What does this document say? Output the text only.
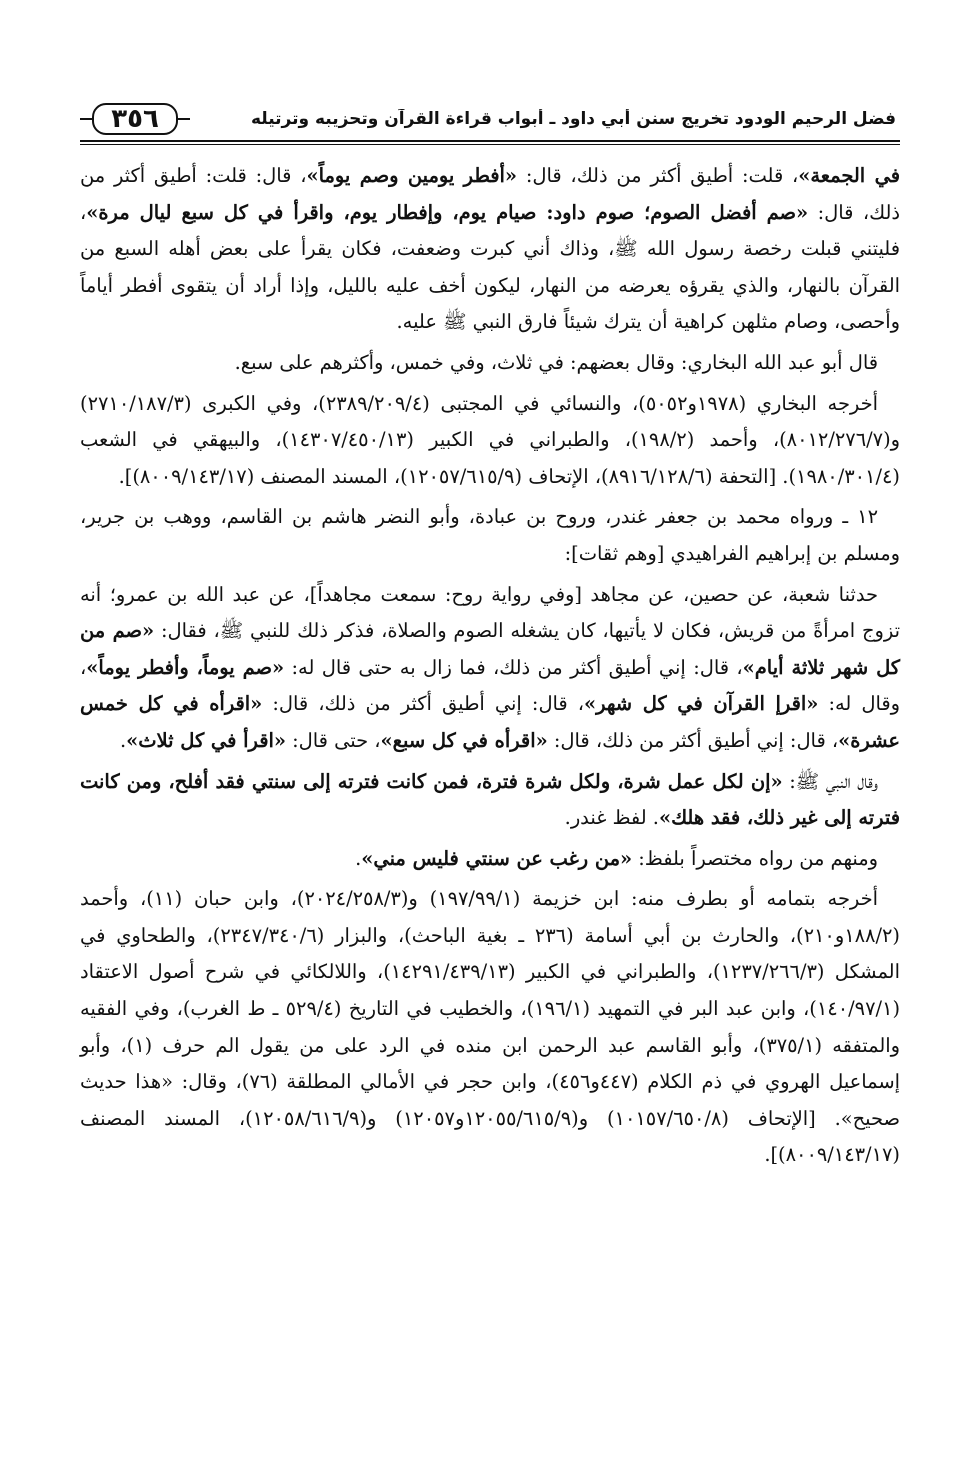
فضل الرحيم الودود تخريج سنن أبي داود ـ أبواب قراءة القرآن وتحزيبه وترتيله
٣٥٦

في الجمعة»، قلت: أطيق أكثر من ذلك، قال: «أفطر يومين وصم يوماً»، قال: قلت: أطيق أكثر من ذلك، قال: «صم أفضل الصوم؛ صوم داود: صيام يوم، وإفطار يوم، واقرأ في كل سبع ليال مرة»، فليتني قبلت رخصة رسول الله ﷺ، وذاك أني كبرت وضعفت، فكان يقرأ على بعض أهله السبع من القرآن بالنهار، والذي يقرؤه يعرضه من النهار، ليكون أخف عليه بالليل، وإذا أراد أن يتقوى أفطر أياماً وأحصى، وصام مثلهن كراهية أن يترك شيئاً فارق النبي ﷺ عليه.

قال أبو عبد الله البخاري: وقال بعضهم: في ثلاث، وفي خمس، وأكثرهم على سبع.

أخرجه البخاري (١٩٧٨و٥٠٥٢)، والنسائي في المجتبى (٢٣٨٩/٢٠٩/٤)، وفي الكبرى (٢٧١٠/١٨٧/٣) و(٨٠١٢/٢٧٦/٧)، وأحمد (١٩٨/٢)، والطبراني في الكبير (١٤٣٠٧/٤٥٠/١٣)، والبيهقي في الشعب (١٩٨٠/٣٠١/٤). [التحفة (٨٩١٦/١٢٨/٦)، الإتحاف (١٢٠٥٧/٦١٥/٩)، المسند المصنف (٨٠٠٩/١٤٣/١٧)].

١٢ ـ ورواه محمد بن جعفر غندر، وروح بن عبادة، وأبو النضر هاشم بن القاسم، ووهب بن جرير، ومسلم بن إبراهيم الفراهيدي [وهم ثقات]:

حدثنا شعبة، عن حصين، عن مجاهد [وفي رواية روح: سمعت مجاهداً]، عن عبد الله بن عمرو؛ أنه تزوج امرأةً من قريش، فكان لا يأتيها، كان يشغله الصوم والصلاة، فذكر ذلك للنبي ﷺ، فقال: «صم من كل شهر ثلاثة أيام»، قال: إني أطيق أكثر من ذلك، فما زال به حتى قال له: «صم يوماً، وأفطر يوماً»، وقال له: «اقرإ القرآن في كل شهر»، قال: إني أطيق أكثر من ذلك، قال: «اقرأه في كل خمس عشرة»، قال: إني أطيق أكثر من ذلك، قال: «اقرأه في كل سبع»، حتى قال: «اقرأ في كل ثلاث».

وقال النبي ﷺ: «إن لكل عمل شرة، ولكل شرة فترة، فمن كانت فترته إلى سنتي فقد أفلح، ومن كانت فترته إلى غير ذلك، فقد هلك». لفظ غندر.

ومنهم من رواه مختصراً بلفظ: «من رغب عن سنتي فليس مني».

أخرجه بتمامه أو بطرف منه: ابن خزيمة (١٩٧/٩٩/١) و(٢٠٢٤/٢٥٨/٣)، وابن حبان (١١)، وأحمد (١٨٨/٢و٢١٠)، والحارث بن أبي أسامة (٢٣٦ ـ بغية الباحث)، والبزار (٢٣٤٧/٣٤٠/٦)، والطحاوي في المشكل (١٢٣٧/٢٦٦/٣)، والطبراني في الكبير (١٤٢٩١/٤٣٩/١٣)، واللالكائي في شرح أصول الاعتقاد (١٤٠/٩٧/١)، وابن عبد البر في التمهيد (١٩٦/١)، والخطيب في التاريخ (٥٢٩/٤ ـ ط الغرب)، وفي الفقيه والمتفقه (٣٧٥/١)، وأبو القاسم عبد الرحمن ابن منده في الرد على من يقول الم حرف (١)، وأبو إسماعيل الهروي في ذم الكلام (٤٤٧و٤٥٦)، وابن حجر في الأمالي المطلقة (٧٦)، وقال: «هذا حديث صحيح». [الإتحاف (١٠١٥٧/٦٥٠/٨) و(١٢٠٥٥/٦١٥/٩و١٢٠٥٧) و(١٢٠٥٨/٦١٦/٩)، المسند المصنف (٨٠٠٩/١٤٣/١٧)].
